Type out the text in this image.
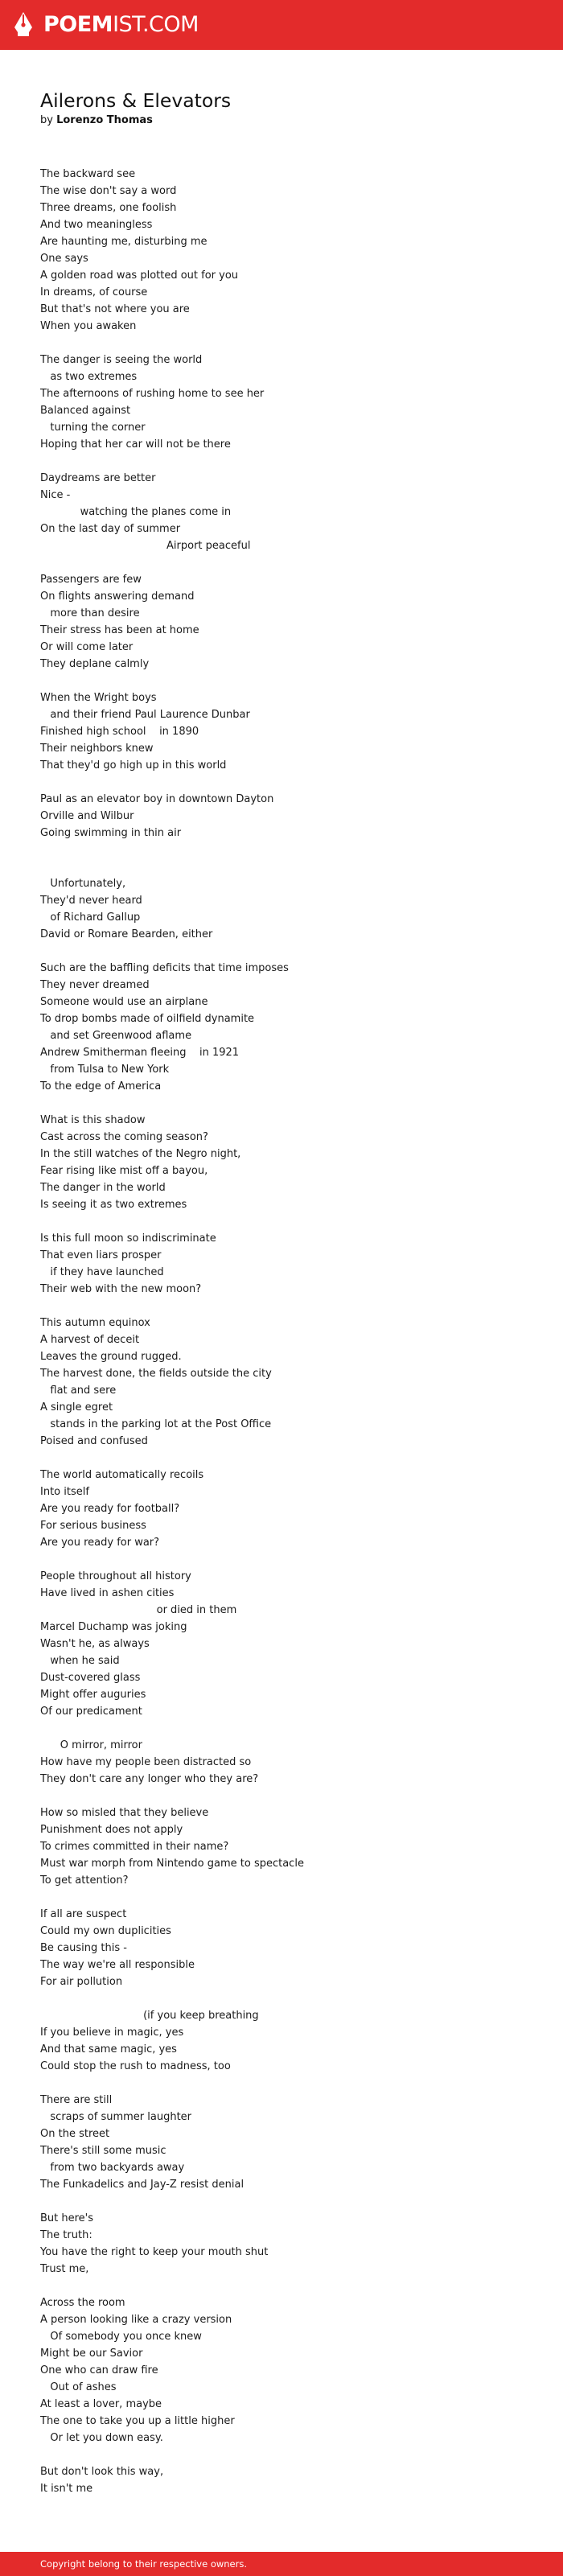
POEMIST.COM
Ailerons & Elevators
by Lorenzo Thomas
The backward see
The wise don't say a word
Three dreams, one foolish
And two meaningless
Are haunting me, disturbing me
One says
A golden road was plotted out for you
In dreams, of course
But that's not where you are
When you awaken
The danger is seeing the world
as two extremes
The afternoons of rushing home to see her
Balanced against
turning the corner
Hoping that her car will not be there
Daydreams are better
Nice -
watching the planes come in
On the last day of summer
Airport peaceful
Passengers are few
On flights answering demand
more than desire
Their stress has been at home
Or will come later
They deplane calmly
When the Wright boys
and their friend Paul Laurence Dunbar
Finished high school    in 1890
Their neighbors knew
That they'd go high up in this world
Paul as an elevator boy in downtown Dayton
Orville and Wilbur
Going swimming in thin air
Unfortunately,
They'd never heard
of Richard Gallup
David or Romare Bearden, either
Such are the baffling deficits that time imposes
They never dreamed
Someone would use an airplane
To drop bombs made of oilfield dynamite
and set Greenwood aflame
Andrew Smitherman fleeing    in 1921
from Tulsa to New York
To the edge of America
What is this shadow
Cast across the coming season?
In the still watches of the Negro night,
Fear rising like mist off a bayou,
The danger in the world
Is seeing it as two extremes
Is this full moon so indiscriminate
That even liars prosper
if they have launched
Their web with the new moon?
This autumn equinox
A harvest of deceit
Leaves the ground rugged.
The harvest done, the fields outside the city
flat and sere
A single egret
stands in the parking lot at the Post Office
Poised and confused
The world automatically recoils
Into itself
Are you ready for football?
For serious business
Are you ready for war?
People throughout all history
Have lived in ashen cities
or died in them
Marcel Duchamp was joking
Wasn't he, as always
when he said
Dust-covered glass
Might offer auguries
Of our predicament
O mirror, mirror
How have my people been distracted so
They don't care any longer who they are?
How so misled that they believe
Punishment does not apply
To crimes committed in their name?
Must war morph from Nintendo game to spectacle
To get attention?
If all are suspect
Could my own duplicities
Be causing this -
The way we're all responsible
For air pollution
(if you keep breathing
If you believe in magic, yes
And that same magic, yes
Could stop the rush to madness, too
There are still
scraps of summer laughter
On the street
There's still some music
from two backyards away
The Funkadelics and Jay-Z resist denial
But here's
The truth:
You have the right to keep your mouth shut
Trust me,
Across the room
A person looking like a crazy version
Of somebody you once knew
Might be our Savior
One who can draw fire
Out of ashes
At least a lover, maybe
The one to take you up a little higher
Or let you down easy.
But don't look this way,
It isn't me
Copyright belong to their respective owners.
